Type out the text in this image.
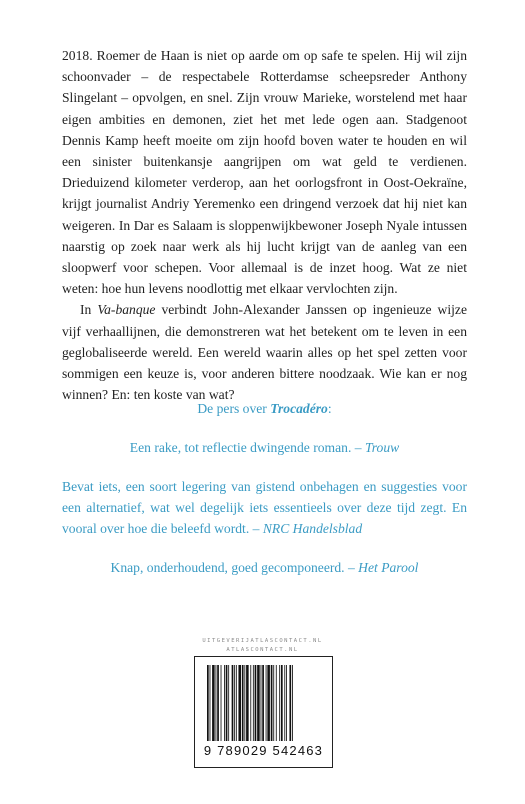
2018. Roemer de Haan is niet op aarde om op safe te spelen. Hij wil zijn schoonvader – de respectabele Rotterdamse scheepsreder Anthony Slingelant – opvolgen, en snel. Zijn vrouw Marieke, worstelend met haar eigen ambities en demonen, ziet het met lede ogen aan. Stadgenoot Dennis Kamp heeft moeite om zijn hoofd boven water te houden en wil een sinister buitenkansje aangrijpen om wat geld te verdienen. Drieduizend kilometer verderop, aan het oorlogsfront in Oost-Oekraïne, krijgt journalist Andriy Yeremenko een dringend verzoek dat hij niet kan weigeren. In Dar es Salaam is sloppenwijkbewoner Joseph Nyale intussen naarstig op zoek naar werk als hij lucht krijgt van de aanleg van een sloopwerf voor schepen. Voor allemaal is de inzet hoog. Wat ze niet weten: hoe hun levens noodlottig met elkaar vervlochten zijn.

In Va-banque verbindt John-Alexander Janssen op ingenieuze wijze vijf verhaallijnen, die demonstreren wat het betekent om te leven in een geglobaliseerde wereld. Een wereld waarin alles op het spel zetten voor sommigen een keuze is, voor anderen bittere noodzaak. Wie kan er nog winnen? En: ten koste van wat?

De pers over Trocadéro:

Een rake, tot reflectie dwingende roman. – Trouw

Bevat iets, een soort legering van gistend onbehagen en suggesties voor een alternatief, wat wel degelijk iets essentieels over deze tijd zegt. En vooral over hoe die beleefd wordt. – NRC Handelsblad

Knap, onderhoudend, goed gecomponeerd. – Het Parool

UITGEVERIJATLASCONTACT.NL
ATLASCONTACT.NL
9 789029 542463
